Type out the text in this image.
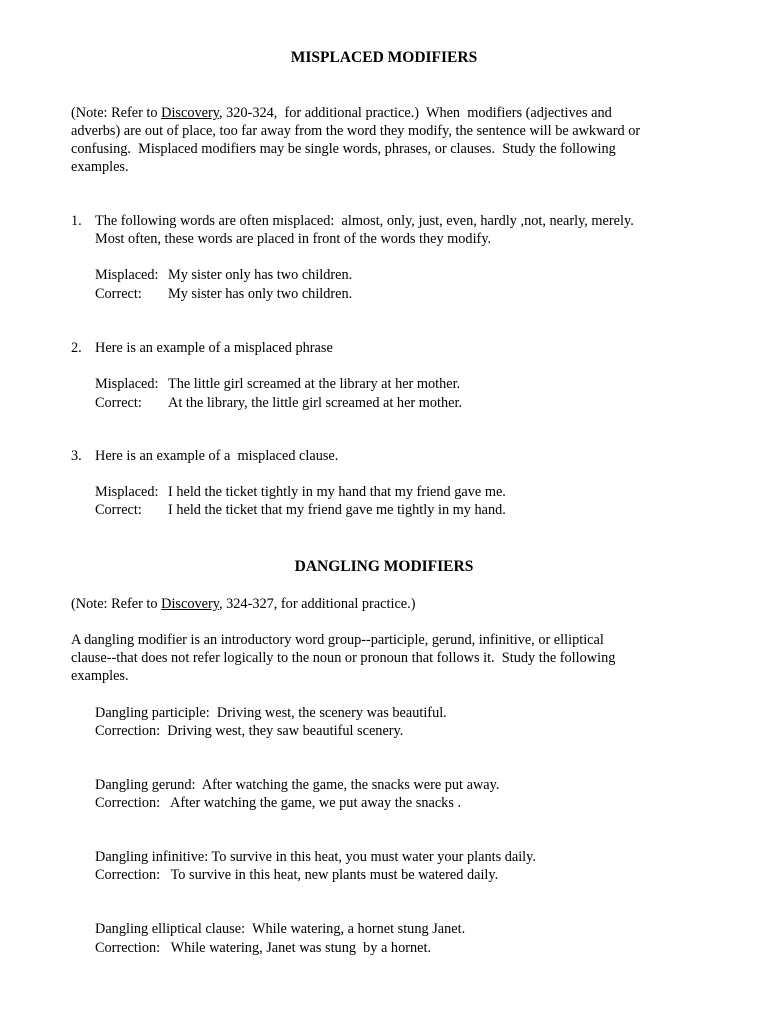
MISPLACED MODIFIERS
(Note: Refer to Discovery, 320-324,  for additional practice.)  When  modifiers (adjectives and
adverbs) are out of place, too far away from the word they modify, the sentence will be awkward or
confusing.  Misplaced modifiers may be single words, phrases, or clauses.  Study the following
examples.
1. The following words are often misplaced:  almost, only, just, even, hardly ,not, nearly, merely.
Most often, these words are placed in front of the words they modify.
Misplaced: My sister only has two children.
Correct: My sister has only two children.
2. Here is an example of a misplaced phrase
Misplaced: The little girl screamed at the library at her mother.
Correct: At the library, the little girl screamed at her mother.
3. Here is an example of a  misplaced clause.
Misplaced: I held the ticket tightly in my hand that my friend gave me.
Correct: I held the ticket that my friend gave me tightly in my hand.
DANGLING MODIFIERS
(Note: Refer to Discovery, 324-327, for additional practice.)
A dangling modifier is an introductory word group--participle, gerund, infinitive, or elliptical
clause--that does not refer logically to the noun or pronoun that follows it.  Study the following
examples.
Dangling participle:  Driving west, the scenery was beautiful.
Correction:  Driving west, they saw beautiful scenery.
Dangling gerund:  After watching the game, the snacks were put away.
Correction:   After watching the game, we put away the snacks .
Dangling infinitive: To survive in this heat, you must water your plants daily.
Correction:   To survive in this heat, new plants must be watered daily.
Dangling elliptical clause:  While watering, a hornet stung Janet.
Correction:   While watering, Janet was stung  by a hornet.
